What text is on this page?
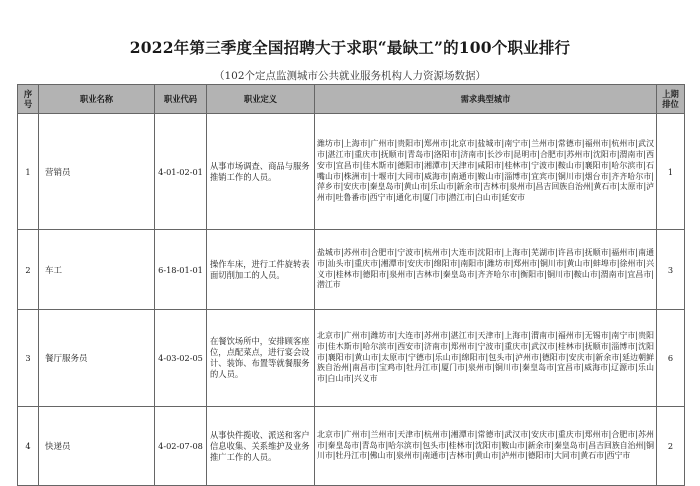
2022年第三季度全国招聘大于求职“最缺工”的100个职业排行
（102个定点监测城市公共就业服务机构人力资源场数据）
序号	职业名称	职业代码	职业定义	需求典型城市	上期排位
1	营销员	4-01-02-01	从事市场调查、商品与服务推销工作的人员。	潍坊市|上海市|广州市|贵阳市|郑州市|北京市|盐城市|南宁市|兰州市|常德市|福州市|杭州市|武汉市|湛江市|重庆市|抚顺市|青岛市|洛阳市|济南市|长沙市|昆明市|合肥市|苏州市|沈阳市|渭南市|西安市|宜昌市|佳木斯市|德阳市|湘潭市|天津市|咸阳市|桂林市|宁波市|鞍山市|襄阳市|哈尔滨市|石嘴山市|株洲市|十堰市|大同市|威海市|南通市|鞍山市|淄博市|宜宾市|铜川市|烟台市|齐齐哈尔市|萍乡市|安庆市|秦皇岛市|黄山市|乐山市|新余市|吉林市|泉州市|昌吉回族自治州|黄石市|太原市|泸州市|吐鲁番市|西宁市|通化市|厦门市|潜江市|白山市|延安市	1
2	车工	6-18-01-01	操作车床，进行工件旋转表面切削加工的人员。	盐城市|苏州市|合肥市|宁波市|杭州市|大连市|沈阳市|上海市|芜湖市|许昌市|抚顺市|福州市|南通市|汕头市|重庆市|湘潭市|安庆市|绵阳市|南阳市|潍坊市|郑州市|铜川市|黄山市|蚌埠市|徐州市|兴义市|桂林市|德阳市|泉州市|吉林市|秦皇岛市|齐齐哈尔市|衡阳市|铜川市|鞍山市|渭南市|宜昌市|潜江市	3
3	餐厅服务员	4-03-02-05	在餐饮场所中，安排顾客座位，点配菜点，进行宴会设计、装饰、布置等就餐服务的人员。	北京市|广州市|潍坊市|大连市|苏州市|湛江市|天津市|上海市|渭南市|福州市|无锡市|南宁市|贵阳市|佳木斯市|哈尔滨市|西安市|济南市|郑州市|宁波市|重庆市|武汉市|桂林市|抚顺市|淄博市|沈阳市|襄阳市|黄山市|太原市|宁德市|乐山市|绵阳市|包头市|泸州市|德阳市|安庆市|新余市|延边朝鲜族自治州|南昌市|宝鸡市|牡丹江市|厦门市|泉州市|铜川市|秦皇岛市|宜昌市|威海市|辽源市|乐山市|白山市|兴义市	6
4	快递员	4-02-07-08	从事快件揽收、派送和客户信息收集、关系维护及业务推广工作的人员。	北京市|广州市|兰州市|天津市|杭州市|湘潭市|常德市|武汉市|安庆市|重庆市|郑州市|合肥市|苏州市|秦皇岛市|青岛市|哈尔滨市|包头市|桂林市|沈阳市|鞍山市|新余市|秦皇岛市|昌吉回族自治州|铜川市|牡丹江市|佛山市|泉州市|南通市|吉林市|黄山市|泸州市|德阳市|大同市|黄石市|西宁市	2
